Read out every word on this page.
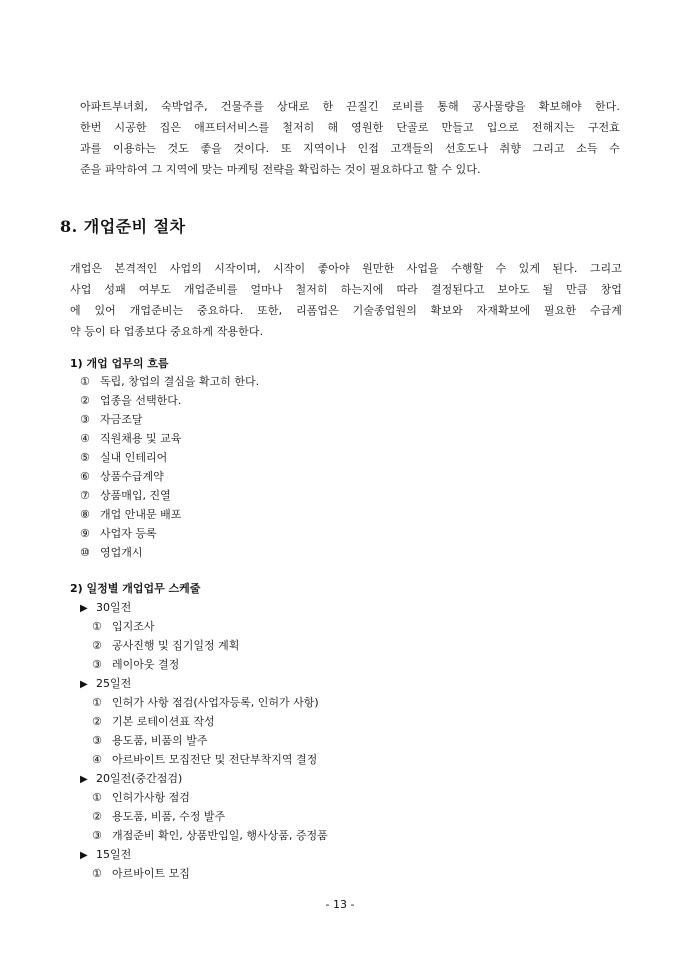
아파트부녀회, 숙박업주, 건물주를 상대로 한 끈질긴 로비를 통해 공사물량을 확보해야 한다.
한번 시공한 집은 애프터서비스를 철저히 해 영원한 단골로 만들고 입으로 전해지는 구전효
과를 이용하는 것도 좋을 것이다. 또 지역이나 인접 고객들의 선호도나 취향 그리고 소득 수
준을 파악하여 그 지역에 맞는 마케팅 전략을 확립하는 것이 필요하다고 할 수 있다.
8. 개업준비 절차
개업은 본격적인 사업의 시작이며, 시작이 좋아야 원만한 사업을 수행할 수 있게 된다. 그리고
사업 성패 여부도 개업준비를 얼마나 철저히 하는지에 따라 결정된다고 보아도 될 만큼 창업
에 있어 개업준비는 중요하다. 또한, 리폼업은 기술종업원의 확보와 자재확보에 필요한 수급계
약 등이 타 업종보다 중요하게 작용한다.
1) 개업 업무의 흐름
① 독립, 창업의 결심을 확고히 한다.
② 업종을 선택한다.
③ 자금조달
④ 직원채용 및 교육
⑤ 실내 인테리어
⑥ 상품수급계약
⑦ 상품매입, 진열
⑧ 개업 안내문 배포
⑨ 사업자 등록
⑩ 영업개시
2) 일정별 개업업무 스케줄
▶ 30일전
① 입지조사
② 공사진행 및 집기일정 계획
③ 레이아웃 결정
▶ 25일전
① 인허가 사항 점검(사업자등록, 인허가 사항)
② 기본 로테이션표 작성
③ 용도품, 비품의 발주
④ 아르바이트 모집전단 및 전단부착지역 결정
▶ 20일전(중간점검)
① 인허가사항 점검
② 용도품, 비품, 수정 발주
③ 개점준비 확인, 상품반입일, 행사상품, 증정품
▶ 15일전
① 아르바이트 모집

- 13 -
